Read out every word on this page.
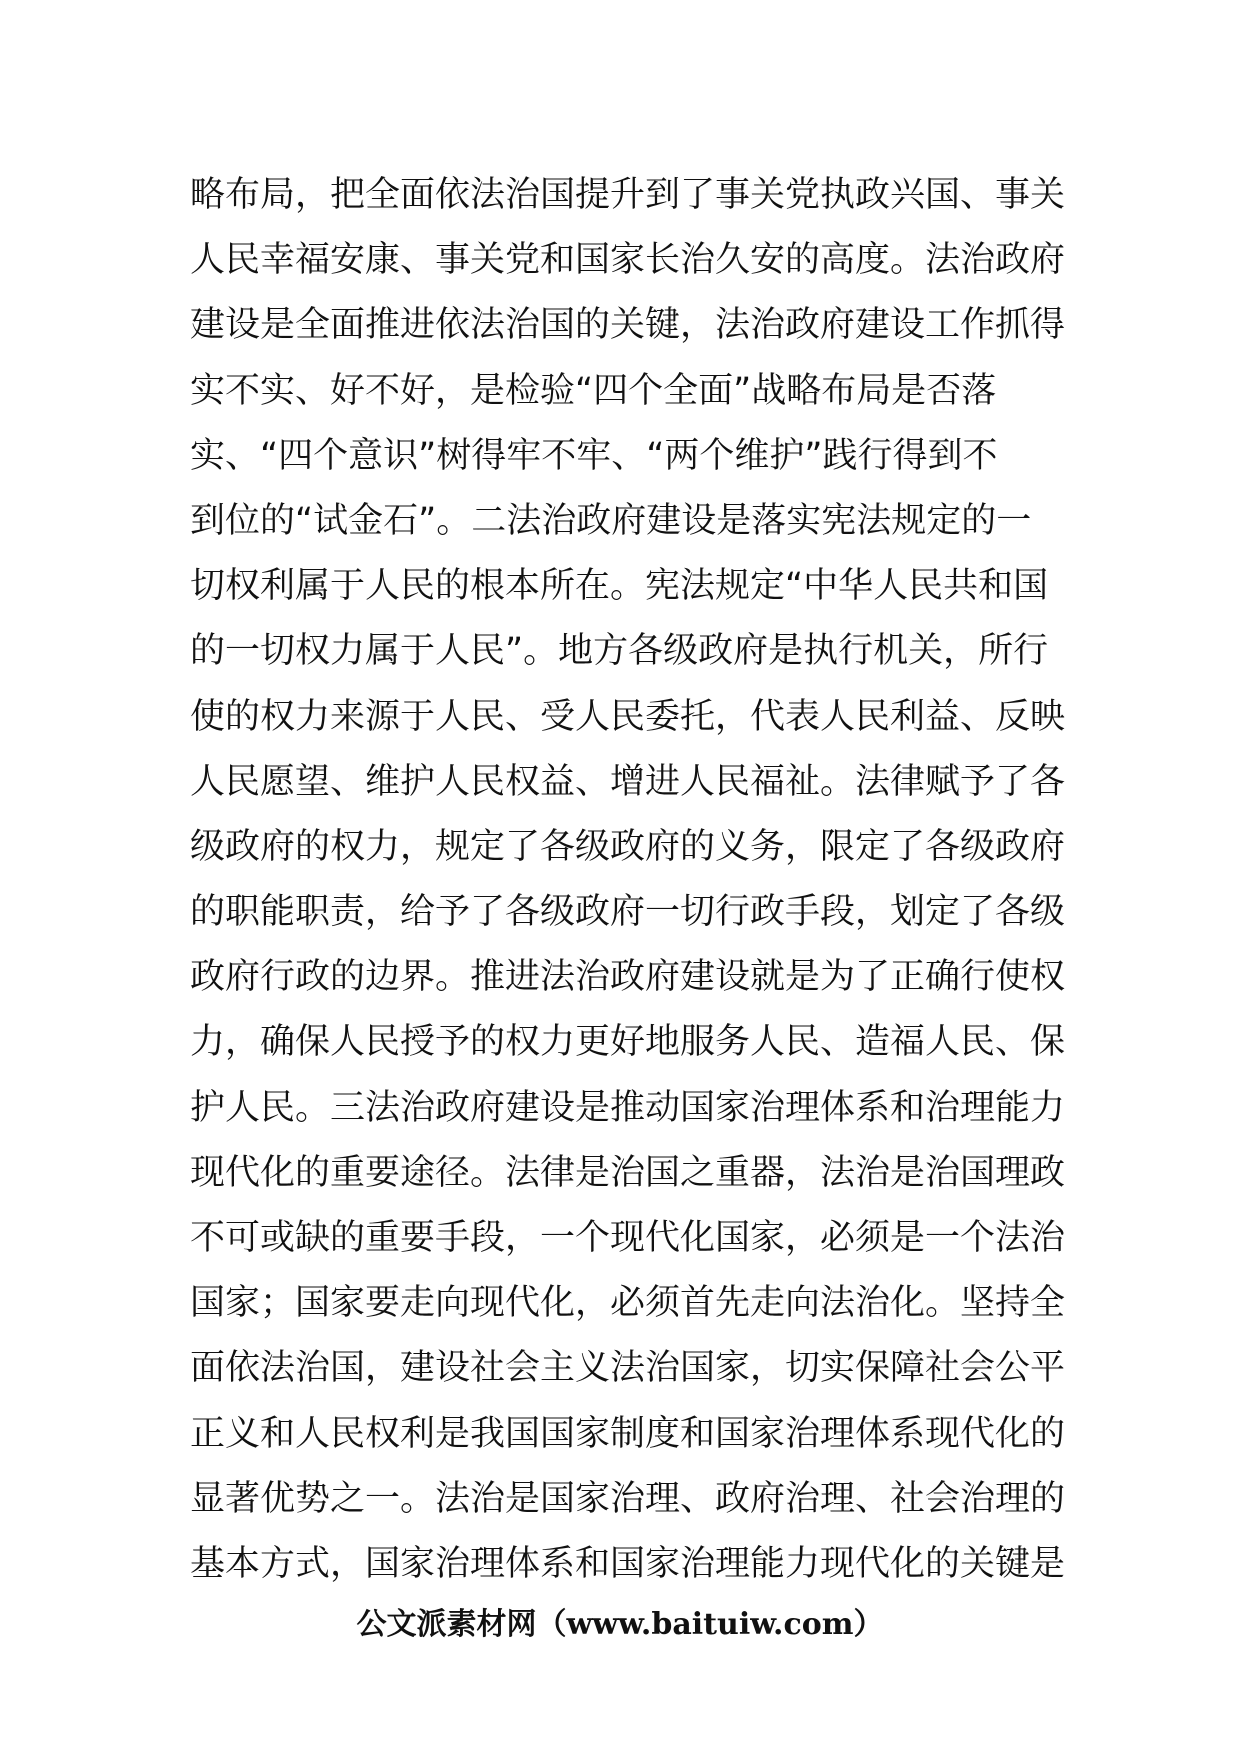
略布局，把全面依法治国提升到了事关党执政兴国、事关
人民幸福安康、事关党和国家长治久安的高度。法治政府
建设是全面推进依法治国的关键，法治政府建设工作抓得
实不实、好不好，是检验“四个全面”战略布局是否落
实、“四个意识”树得牢不牢、“两个维护”践行得到不
到位的“试金石”。二法治政府建设是落实宪法规定的一
切权利属于人民的根本所在。宪法规定“中华人民共和国
的一切权力属于人民”。地方各级政府是执行机关，所行
使的权力来源于人民、受人民委托，代表人民利益、反映
人民愿望、维护人民权益、增进人民福祉。法律赋予了各
级政府的权力，规定了各级政府的义务，限定了各级政府
的职能职责，给予了各级政府一切行政手段，划定了各级
政府行政的边界。推进法治政府建设就是为了正确行使权
力，确保人民授予的权力更好地服务人民、造福人民、保
护人民。三法治政府建设是推动国家治理体系和治理能力
现代化的重要途径。法律是治国之重器，法治是治国理政
不可或缺的重要手段，一个现代化国家，必须是一个法治
国家；国家要走向现代化，必须首先走向法治化。坚持全
面依法治国，建设社会主义法治国家，切实保障社会公平
正义和人民权利是我国国家制度和国家治理体系现代化的
显著优势之一。法治是国家治理、政府治理、社会治理的
基本方式，国家治理体系和国家治理能力现代化的关键是
公文派素材网（www.baituiw.com）
